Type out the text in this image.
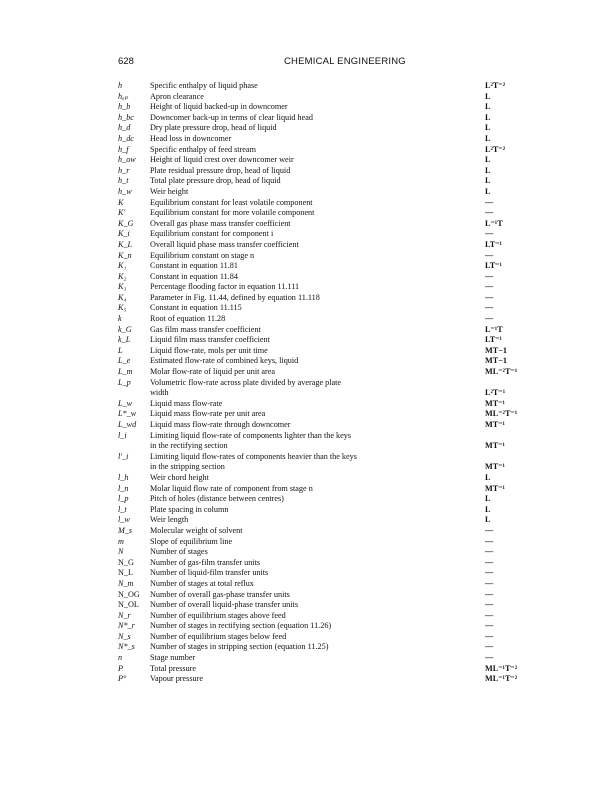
628	CHEMICAL ENGINEERING
h	Specific enthalpy of liquid phase	L²T⁻²
hₐₚ	Apron clearance	L
h_b	Height of liquid backed-up in downcomer	L
h_bc	Downcomer back-up in terms of clear liquid head	L
h_d	Dry plate pressure drop, head of liquid	L
h_dc	Head loss in downcomer	L
h_f	Specific enthalpy of feed stream	L²T⁻²
h_ow	Height of liquid crest over downcomer weir	L
h_r	Plate residual pressure drop, head of liquid	L
h_t	Total plate pressure drop, head of liquid	L
h_w	Weir height	L
K	Equilibrium constant for least volatile component	—
K′	Equilibrium constant for more volatile component	—
K_G	Overall gas phase mass transfer coefficient	L⁻¹T
K_i	Equilibrium constant for component i	—
K_L	Overall liquid phase mass transfer coefficient	LT⁻¹
K_n	Equilibrium constant on stage n	—
K₁	Constant in equation 11.81	LT⁻¹
K₂	Constant in equation 11.84	—
K₃	Percentage flooding factor in equation 11.111	—
K₄	Parameter in Fig. 11.44, defined by equation 11.118	—
K₅	Constant in equation 11.115	—
k	Root of equation 11.28	—
k_G	Gas film mass transfer coefficient	L⁻¹T
k_L	Liquid film mass transfer coefficient	LT⁻¹
L	Liquid flow-rate, mols per unit time	MT−1
L_e	Estimated flow-rate of combined keys, liquid	MT−1
L_m	Molar flow-rate of liquid per unit area	ML⁻²T⁻¹
L_p	Volumetric flow-rate across plate divided by average plate
width	L²T⁻¹
L_w	Liquid mass flow-rate	MT⁻¹
L*_w	Liquid mass flow-rate per unit area	ML⁻²T⁻¹
L_wd	Liquid mass flow-rate through downcomer	MT⁻¹
l_i	Limiting liquid flow-rate of components lighter than the keys
in the rectifying section	MT⁻¹
l′_i	Limiting liquid flow-rates of components heavier than the keys
in the stripping section	MT⁻¹
l_h	Weir chord height	L
l_n	Molar liquid flow rate of component from stage n	MT⁻¹
l_p	Pitch of holes (distance between centres)	L
l_t	Plate spacing in column	L
l_w	Weir length	L
M_s	Molecular weight of solvent	—
m	Slope of equilibrium line	—
N	Number of stages	—
N_G	Number of gas-film transfer units	—
N_L	Number of liquid-film transfer units	—
N_m	Number of stages at total reflux	—
N_OG	Number of overall gas-phase transfer units	—
N_OL	Number of overall liquid-phase transfer units	—
N_r	Number of equilibrium stages above feed	—
N*_r	Number of stages in rectifying section (equation 11.26)	—
N_s	Number of equilibrium stages below feed	—
N*_s	Number of stages in stripping section (equation 11.25)	—
n	Stage number	—
P	Total pressure	ML⁻¹T⁻²
P°	Vapour pressure	ML⁻¹T⁻²
